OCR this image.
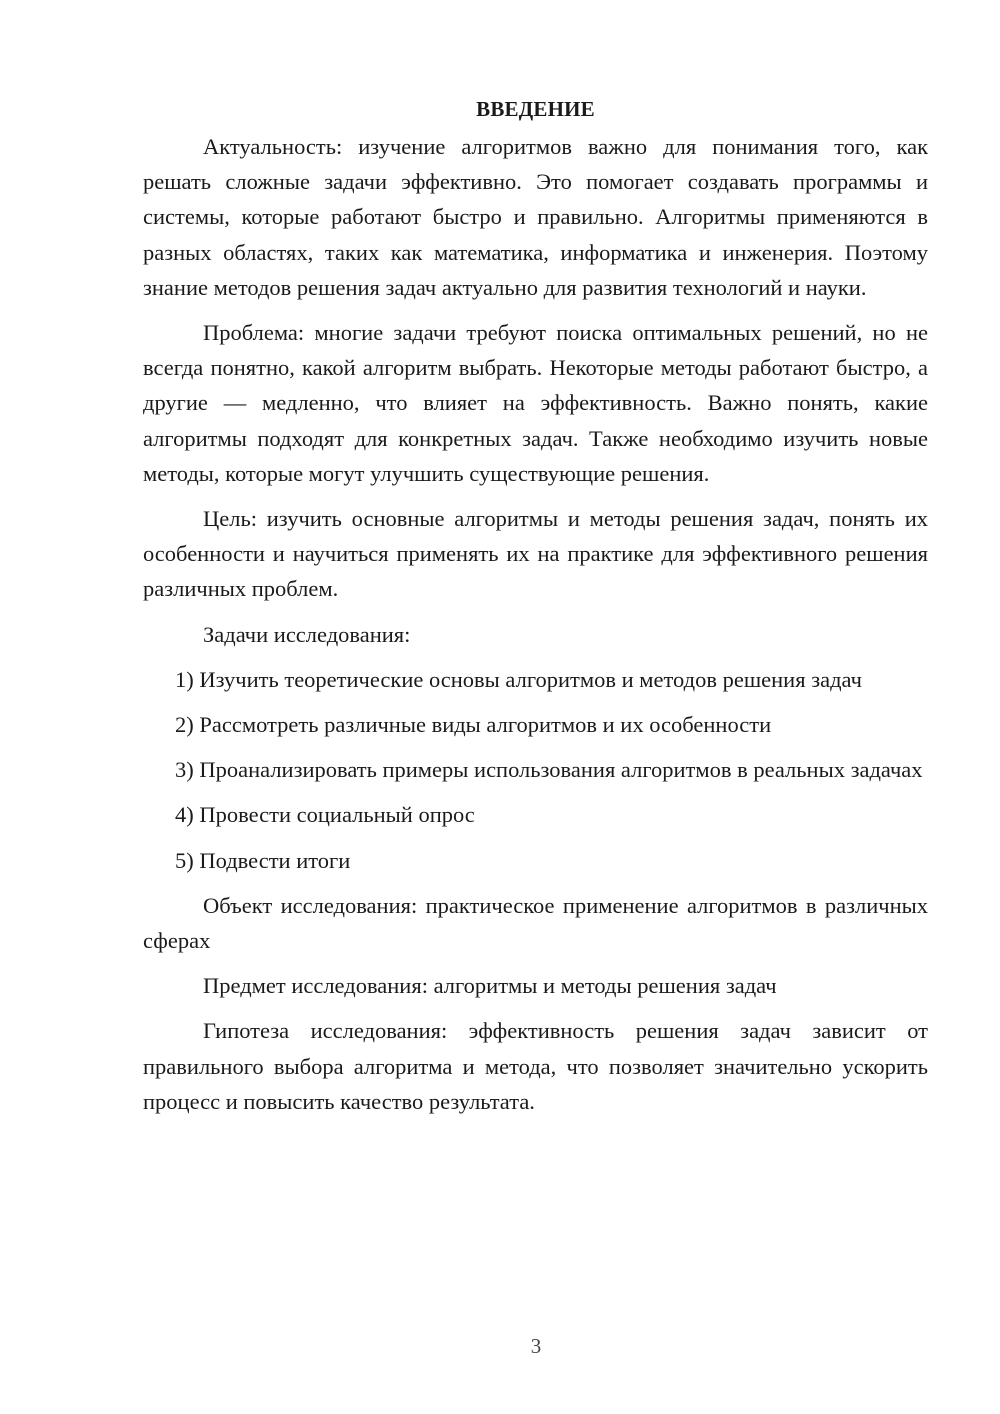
ВВЕДЕНИЕ

Актуальность: изучение алгоритмов важно для понимания того, как решать сложные задачи эффективно. Это помогает создавать программы и системы, которые работают быстро и правильно. Алгоритмы применяются в разных областях, таких как математика, информатика и инженерия. Поэтому знание методов решения задач актуально для развития технологий и науки.

Проблема: многие задачи требуют поиска оптимальных решений, но не всегда понятно, какой алгоритм выбрать. Некоторые методы работают быстро, а другие — медленно, что влияет на эффективность. Важно понять, какие алгоритмы подходят для конкретных задач. Также необходимо изучить новые методы, которые могут улучшить существующие решения.

Цель: изучить основные алгоритмы и методы решения задач, понять их особенности и научиться применять их на практике для эффективного решения различных проблем.

Задачи исследования:

1) Изучить теоретические основы алгоритмов и методов решения задач

2) Рассмотреть различные виды алгоритмов и их особенности

3) Проанализировать примеры использования алгоритмов в реальных задачах

4) Провести социальный опрос

5) Подвести итоги

Объект исследования: практическое применение алгоритмов в различных сферах

Предмет исследования: алгоритмы и методы решения задач

Гипотеза исследования: эффективность решения задач зависит от правильного выбора алгоритма и метода, что позволяет значительно ускорить процесс и повысить качество результата.

3
